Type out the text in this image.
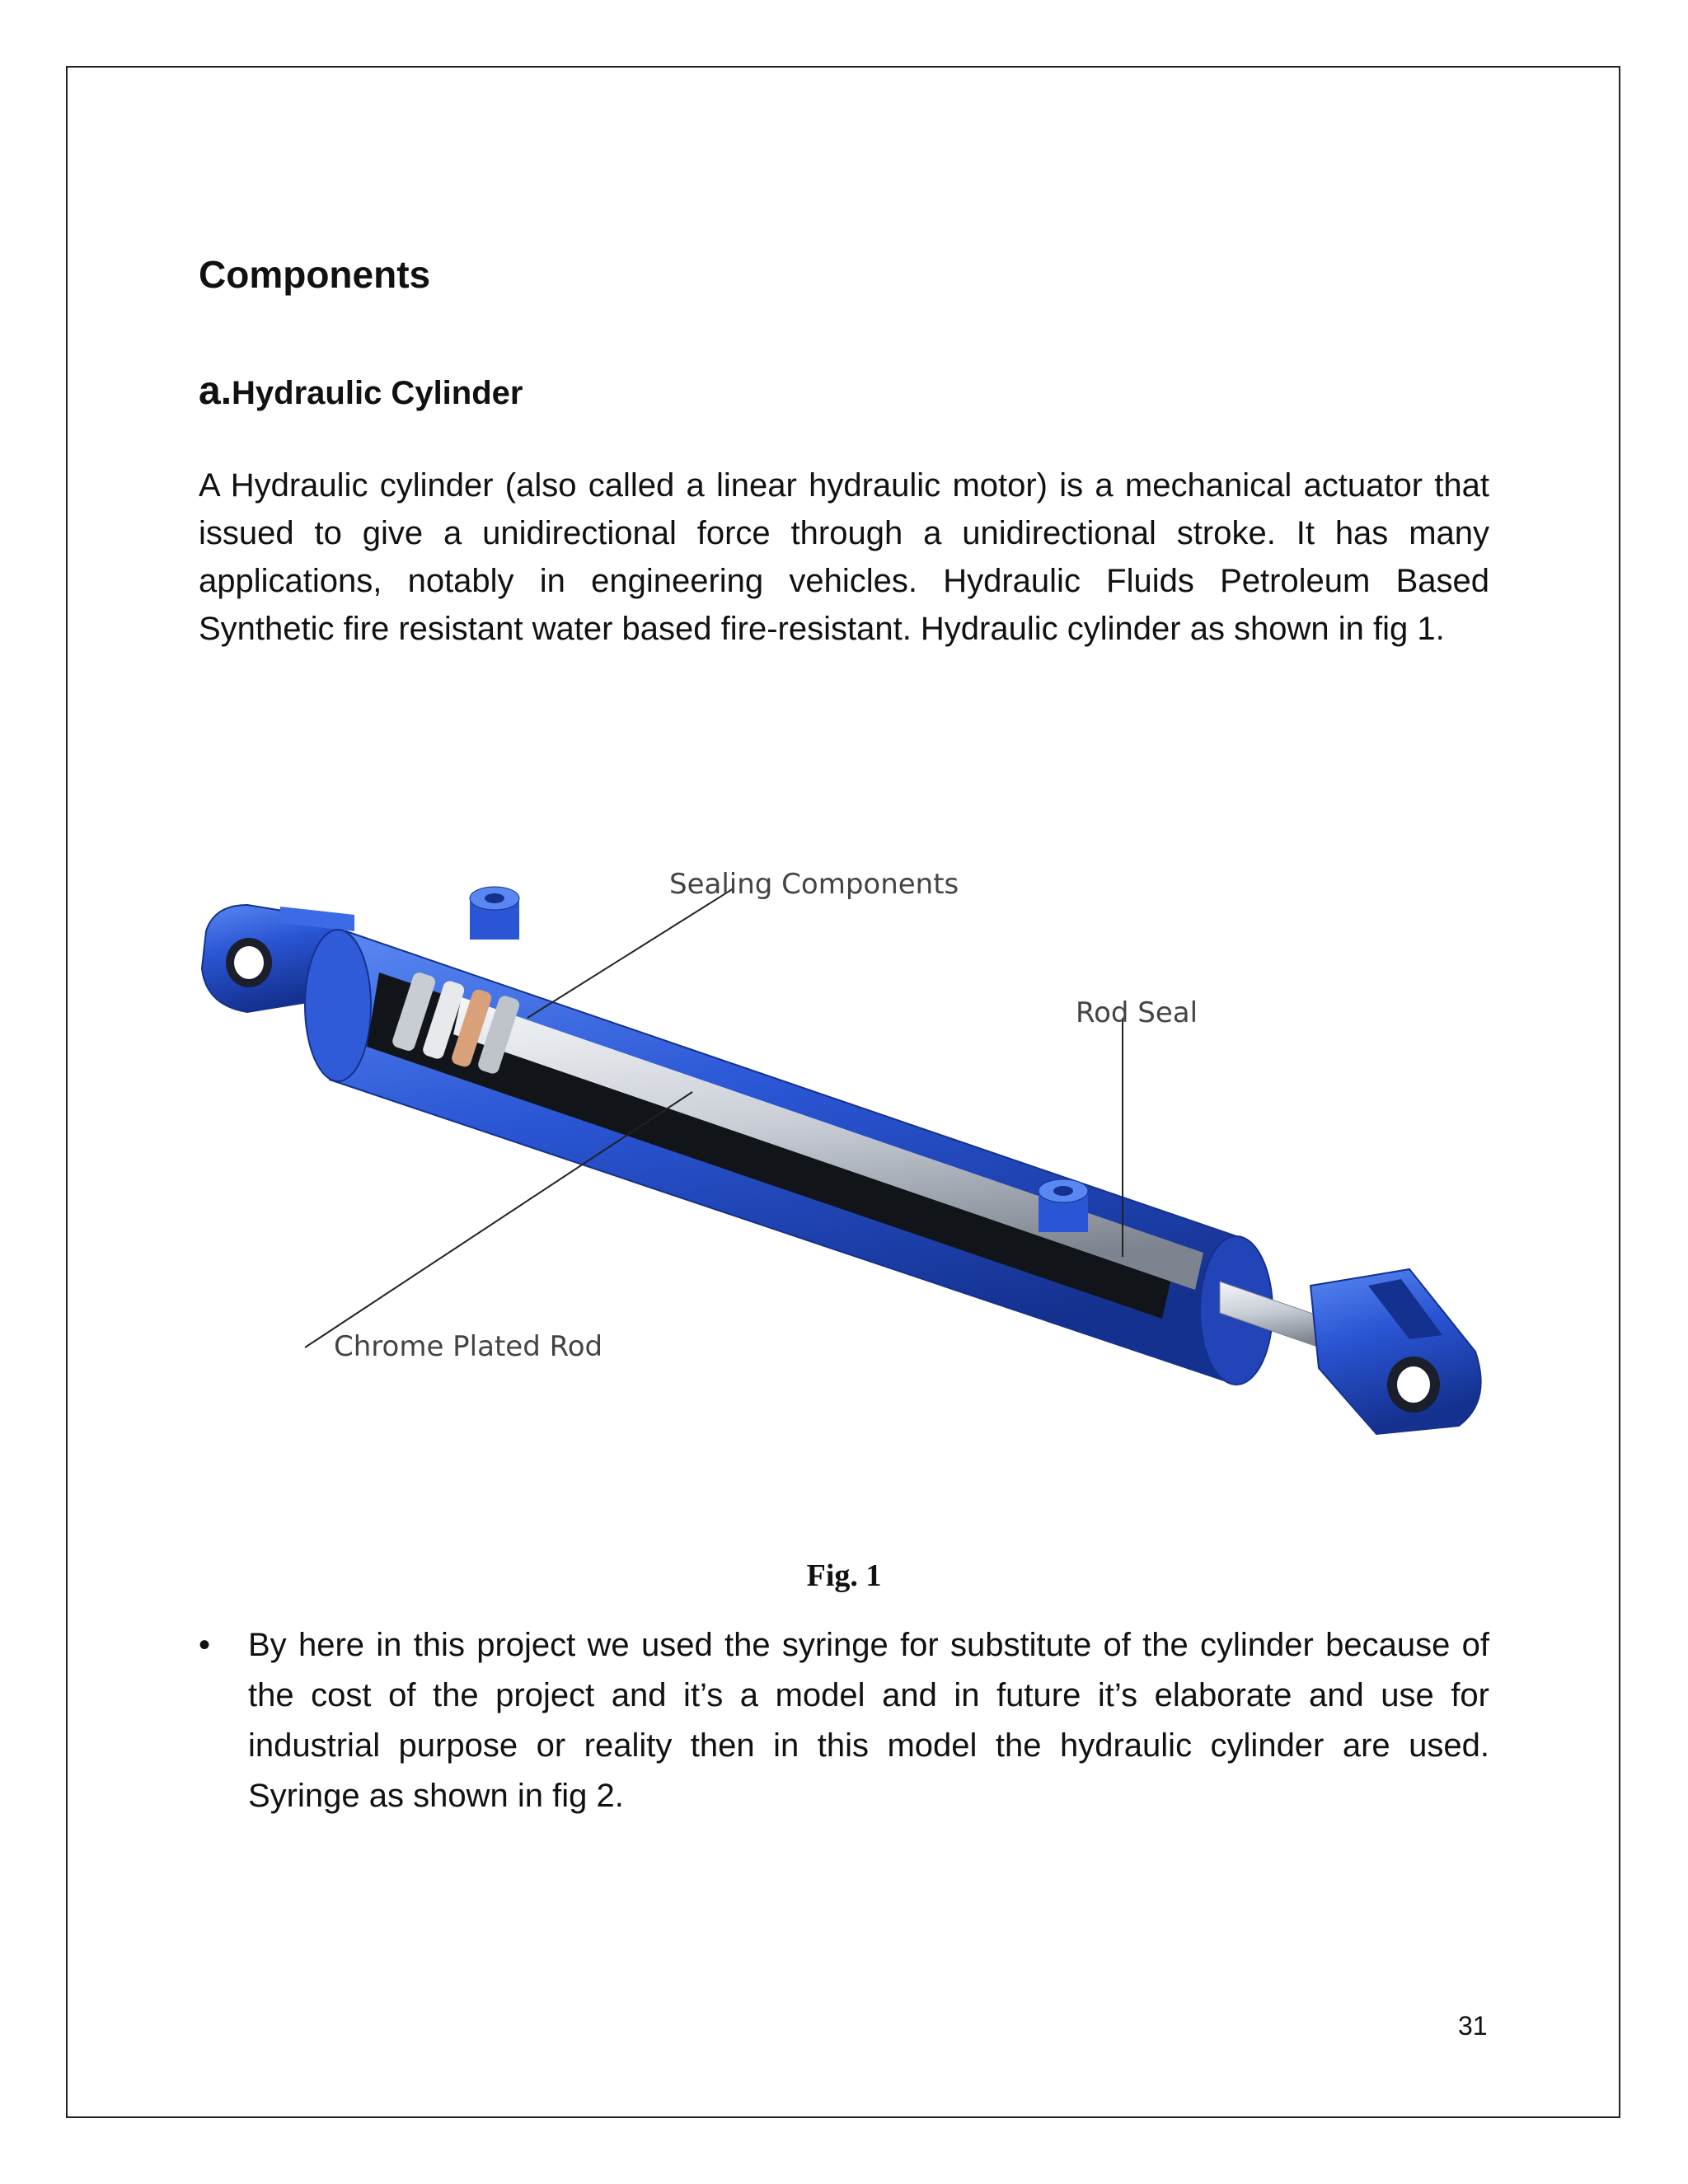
Components
a.Hydraulic Cylinder

A Hydraulic cylinder (also called a linear hydraulic motor) is a mechanical actuator that issued to give a unidirectional force through a unidirectional stroke. It has many applications, notably in engineering vehicles. Hydraulic Fluids Petroleum Based Synthetic fire resistant water based fire-resistant. Hydraulic cylinder as shown in fig 1.

Sealing Components
Rod Seal
Chrome Plated Rod

Fig. 1

• By here in this project we used the syringe for substitute of the cylinder because of the cost of the project and it’s a model and in future it’s elaborate and use for industrial purpose or reality then in this model the hydraulic cylinder are used. Syringe as shown in fig 2.

31
